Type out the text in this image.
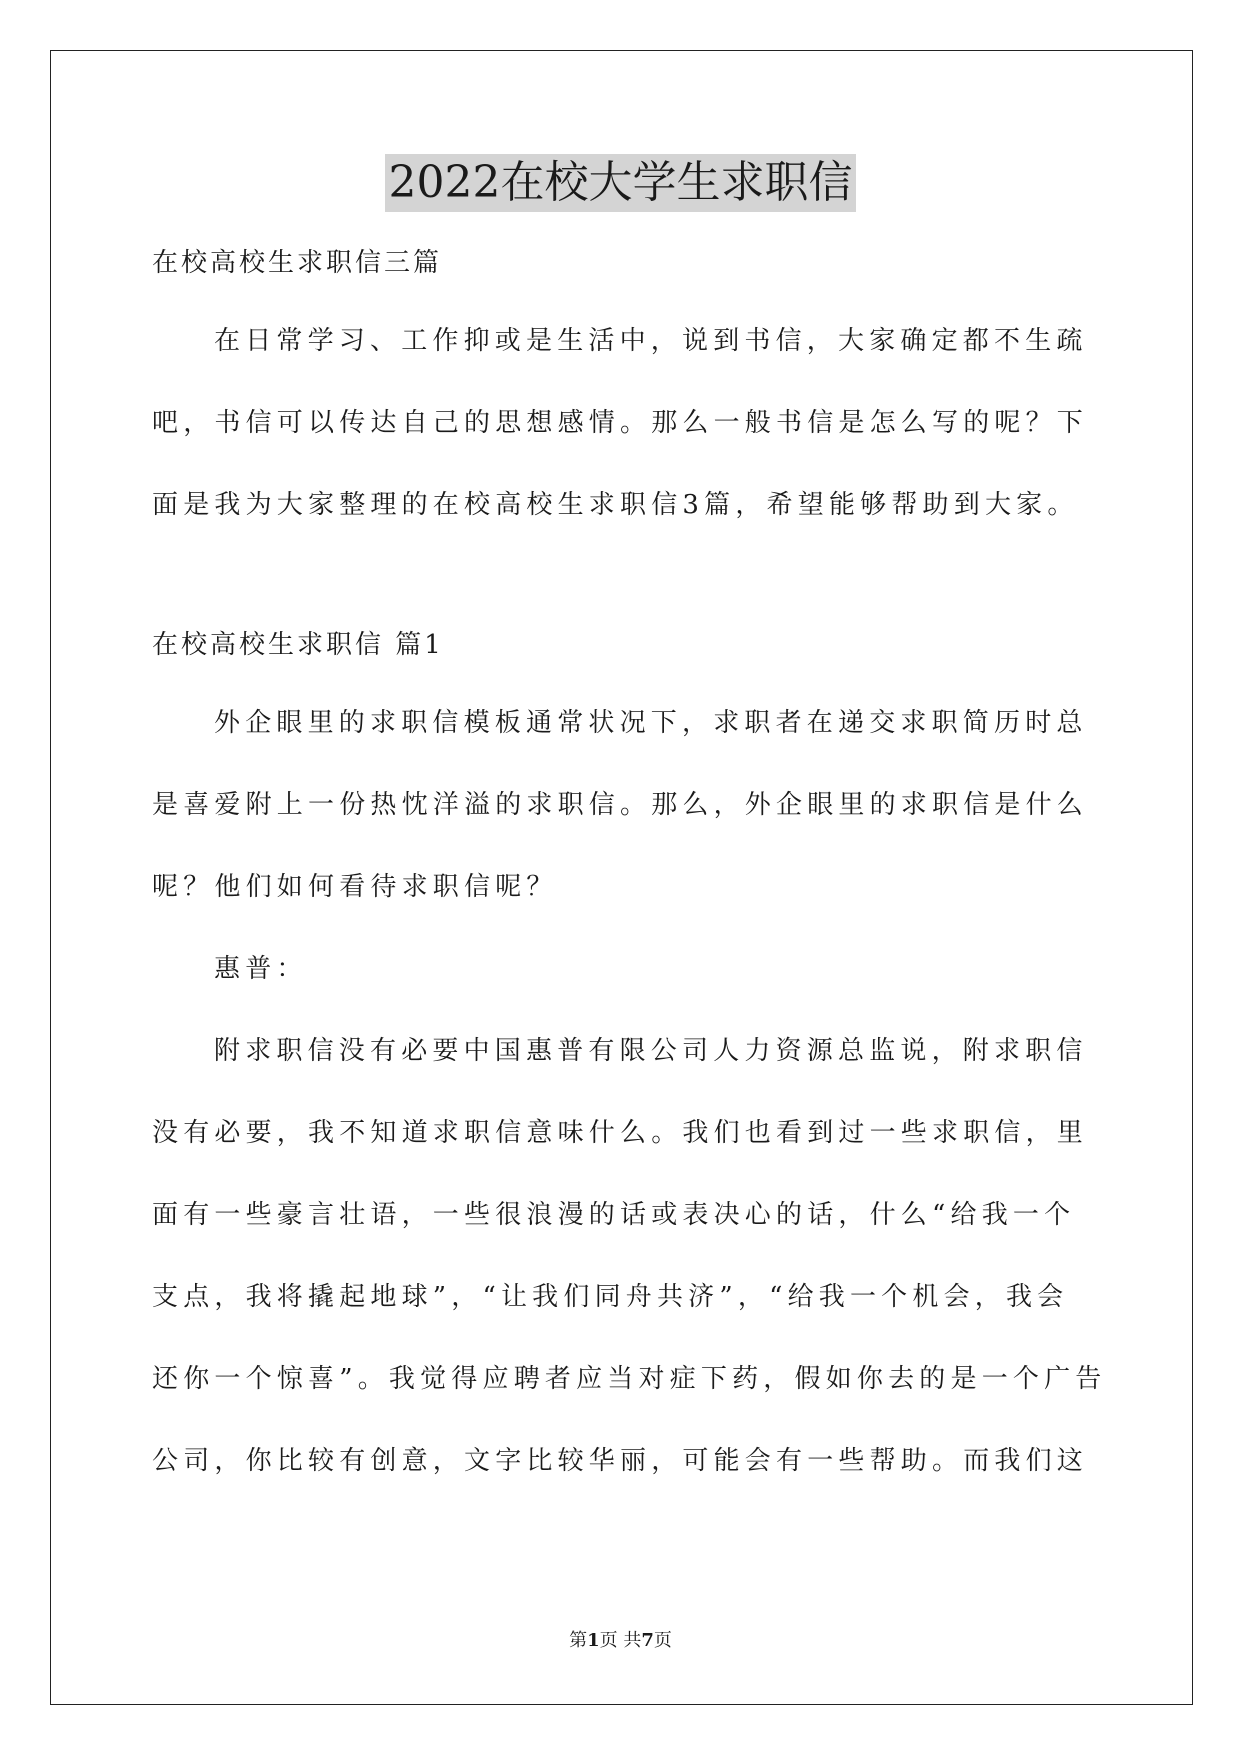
2022在校大学生求职信
在校高校生求职信三篇
在日常学习、工作抑或是生活中，说到书信，大家确定都不生疏
吧，书信可以传达自己的思想感情。那么一般书信是怎么写的呢？下
面是我为大家整理的在校高校生求职信3篇，希望能够帮助到大家。
在校高校生求职信 篇1
外企眼里的求职信模板通常状况下，求职者在递交求职简历时总
是喜爱附上一份热忱洋溢的求职信。那么，外企眼里的求职信是什么
呢？他们如何看待求职信呢？
惠普：
附求职信没有必要中国惠普有限公司人力资源总监说，附求职信
没有必要，我不知道求职信意味什么。我们也看到过一些求职信，里
面有一些豪言壮语，一些很浪漫的话或表决心的话，什么“给我一个
支点，我将撬起地球”，“让我们同舟共济”，“给我一个机会，我会
还你一个惊喜”。我觉得应聘者应当对症下药，假如你去的是一个广告
公司，你比较有创意，文字比较华丽，可能会有一些帮助。而我们这
第1页 共7页
